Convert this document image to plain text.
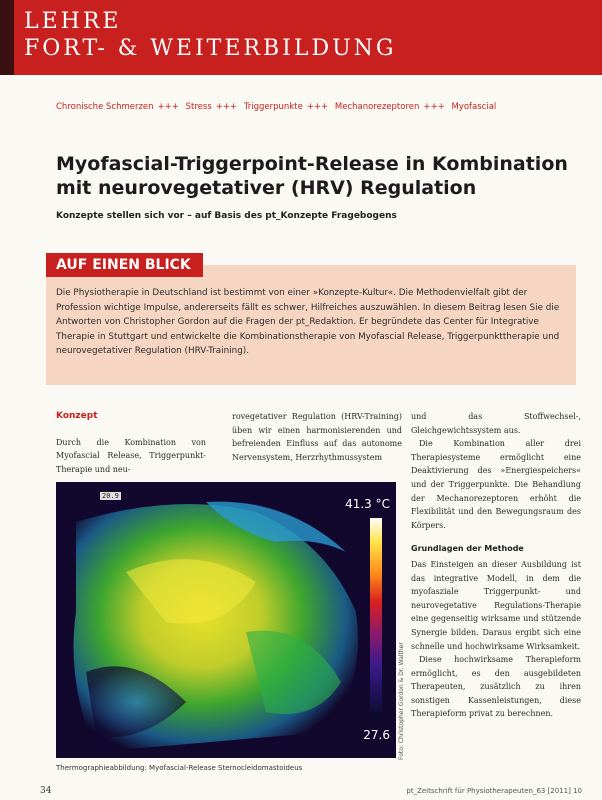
LEHRE
FORT- & WEITERBILDUNG
Chronische Schmerzen +++ Stress +++ Triggerpunkte +++ Mechanorezeptoren +++ Myofascial
Myofascial-Triggerpoint-Release in Kombination mit neurovegetativer (HRV) Regulation
Konzepte stellen sich vor – auf Basis des pt_Konzepte Fragebogens
AUF EINEN BLICK
Die Physiotherapie in Deutschland ist bestimmt von einer »Konzepte-Kultur«. Die Methodenvielfalt gibt der Profession wichtige Impulse, andererseits fällt es schwer, Hilfreiches auszuwählen. In diesem Beitrag lesen Sie die Antworten von Christopher Gordon auf die Fragen der pt_Redaktion. Er begründete das Center für Integrative Therapie in Stuttgart und entwickelte die Kombinationstherapie von Myofascial Release, Triggerpunkttherapie und neurovegetativer Regulation (HRV-Training).
Konzept

Durch die Kombination von Myofascial Release, Triggerpunkt-Therapie und neu-

rovegetativer Regulation (HRV-Training) üben wir einen harmonisierenden und befreienden Einfluss auf das autonome Nervensystem, Herzrhythmussystem

und das Stoffwechsel-, Gleichgewichtssystem aus.

Die Kombination aller drei Therapiesysteme ermöglicht eine Deaktivierung des »Energiespeichers« und der Triggerpunkte. Die Behandlung der Mechanorezeptoren erhöht die Flexibilität und den Bewegungsraum des Körpers.

Grundlagen der Methode

Das Einsteigen an dieser Ausbildung ist das integrative Modell, in dem die myofasziale Triggerpunkt- und neurovegetative Regulations-Therapie eine gegenseitig wirksame und stützende Synergie bilden. Daraus ergibt sich eine schnelle und hochwirksame Wirksamkeit.

Diese hochwirksame Therapieform ermöglicht, es den ausgebildeten Therapeuten, zusätzlich zu ihren sonstigen Kassenleistungen, diese Therapieform privat zu berechnen.

20.9
41.3 °C
27.6 Foto: Christopher Gordon & Dr. Walther
Thermographieabbildung: Myofascial-Release Sternocleidomastoideus
34	pt_Zeitschrift für Physiotherapeuten_63 [2011] 10
